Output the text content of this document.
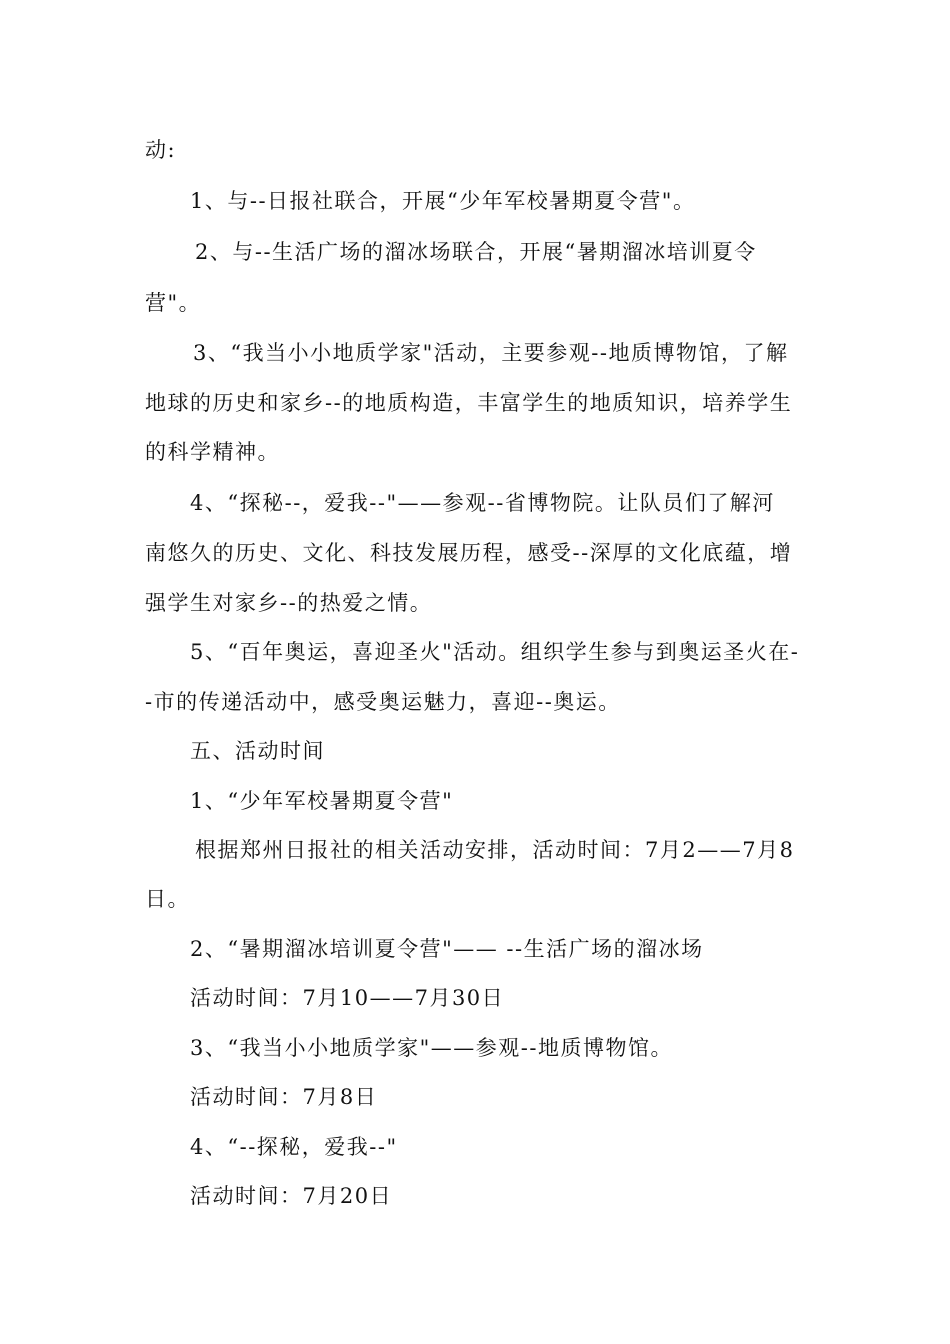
动:
1、与--日报社联合，开展“少年军校暑期夏令营"。
2、与--生活广场的溜冰场联合，开展“暑期溜冰培训夏令
营"。
3、“我当小小地质学家"活动，主要参观--地质博物馆，了解
地球的历史和家乡--的地质构造，丰富学生的地质知识，培养学生
的科学精神。
4、“探秘--，爱我--"——参观--省博物院。让队员们了解河
南悠久的历史、文化、科技发展历程，感受--深厚的文化底蕴，增
强学生对家乡--的热爱之情。
5、“百年奥运，喜迎圣火"活动。组织学生参与到奥运圣火在-
-市的传递活动中，感受奥运魅力，喜迎--奥运。
五、活动时间
1、“少年军校暑期夏令营"
根据郑州日报社的相关活动安排，活动时间：7月2——7月8
日。
2、“暑期溜冰培训夏令营"—— --生活广场的溜冰场
活动时间：7月10——7月30日
3、“我当小小地质学家"——参观--地质博物馆。
活动时间：7月8日
4、“--探秘，爱我--"
活动时间：7月20日
